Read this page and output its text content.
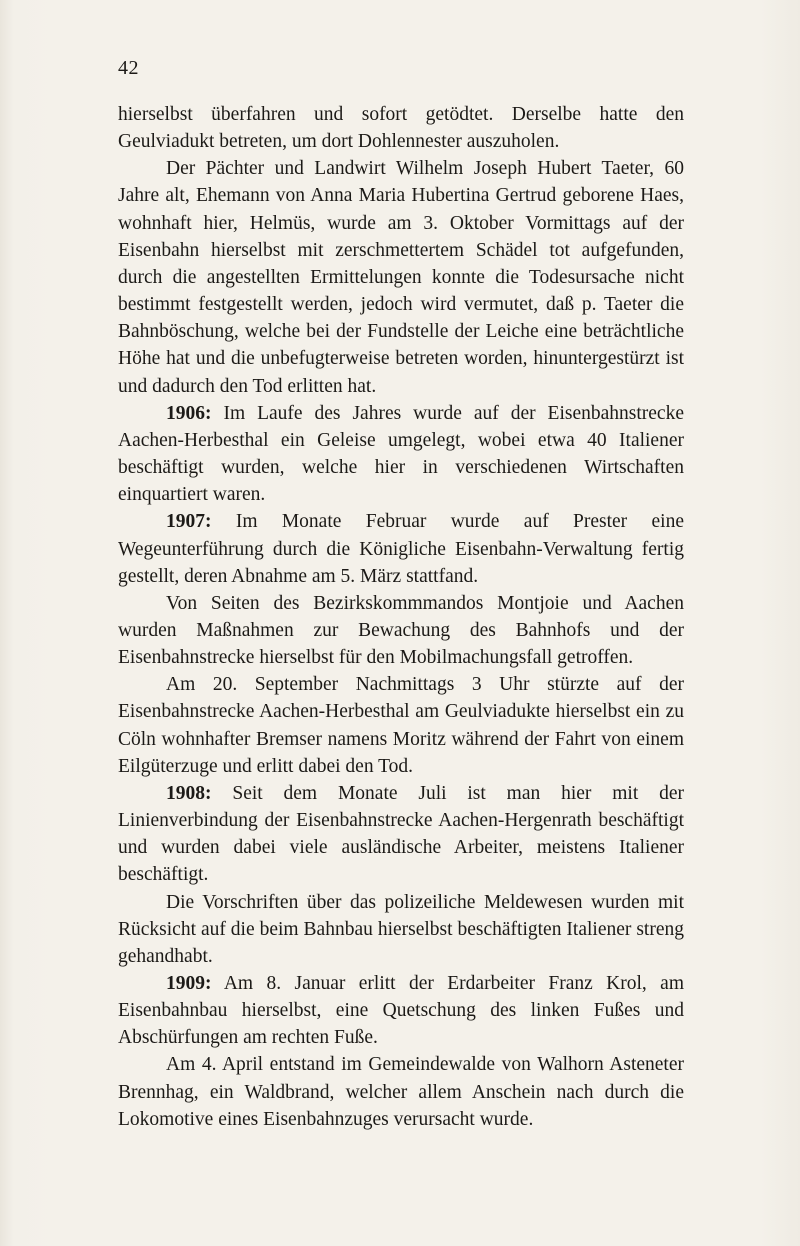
42

hierselbst überfahren und sofort getödtet. Derselbe hatte den Geulviadukt betreten, um dort Dohlennester auszuholen.

Der Pächter und Landwirt Wilhelm Joseph Hubert Taeter, 60 Jahre alt, Ehemann von Anna Maria Hubertina Gertrud geborene Haes, wohnhaft hier, Helmüs, wurde am 3. Oktober Vormittags auf der Eisenbahn hierselbst mit zerschmettertem Schädel tot aufgefunden, durch die angestellten Ermittelungen konnte die Todesursache nicht bestimmt festgestellt werden, jedoch wird vermutet, daß p. Taeter die Bahnböschung, welche bei der Fundstelle der Leiche eine beträchtliche Höhe hat und die unbefugterweise betreten worden, hinuntergestürzt ist und dadurch den Tod erlitten hat.

1906: Im Laufe des Jahres wurde auf der Eisenbahnstrecke Aachen-Herbesthal ein Geleise umgelegt, wobei etwa 40 Italiener beschäftigt wurden, welche hier in verschiedenen Wirtschaften einquartiert waren.

1907: Im Monate Februar wurde auf Prester eine Wegeunterführung durch die Königliche Eisenbahn-Verwaltung fertig gestellt, deren Abnahme am 5. März stattfand.

Von Seiten des Bezirkskommmandos Montjoie und Aachen wurden Maßnahmen zur Bewachung des Bahnhofs und der Eisenbahnstrecke hierselbst für den Mobilmachungsfall getroffen.

Am 20. September Nachmittags 3 Uhr stürzte auf der Eisenbahnstrecke Aachen-Herbesthal am Geulviadukte hierselbst ein zu Cöln wohnhafter Bremser namens Moritz während der Fahrt von einem Eilgüterzuge und erlitt dabei den Tod.

1908: Seit dem Monate Juli ist man hier mit der Linienverbindung der Eisenbahnstrecke Aachen-Hergenrath beschäftigt und wurden dabei viele ausländische Arbeiter, meistens Italiener beschäftigt.

Die Vorschriften über das polizeiliche Meldewesen wurden mit Rücksicht auf die beim Bahnbau hierselbst beschäftigten Italiener streng gehandhabt.

1909: Am 8. Januar erlitt der Erdarbeiter Franz Krol, am Eisenbahnbau hierselbst, eine Quetschung des linken Fußes und Abschürfungen am rechten Fuße.

Am 4. April entstand im Gemeindewalde von Walhorn Asteneter Brennhag, ein Waldbrand, welcher allem Anschein nach durch die Lokomotive eines Eisenbahnzuges verursacht wurde.
